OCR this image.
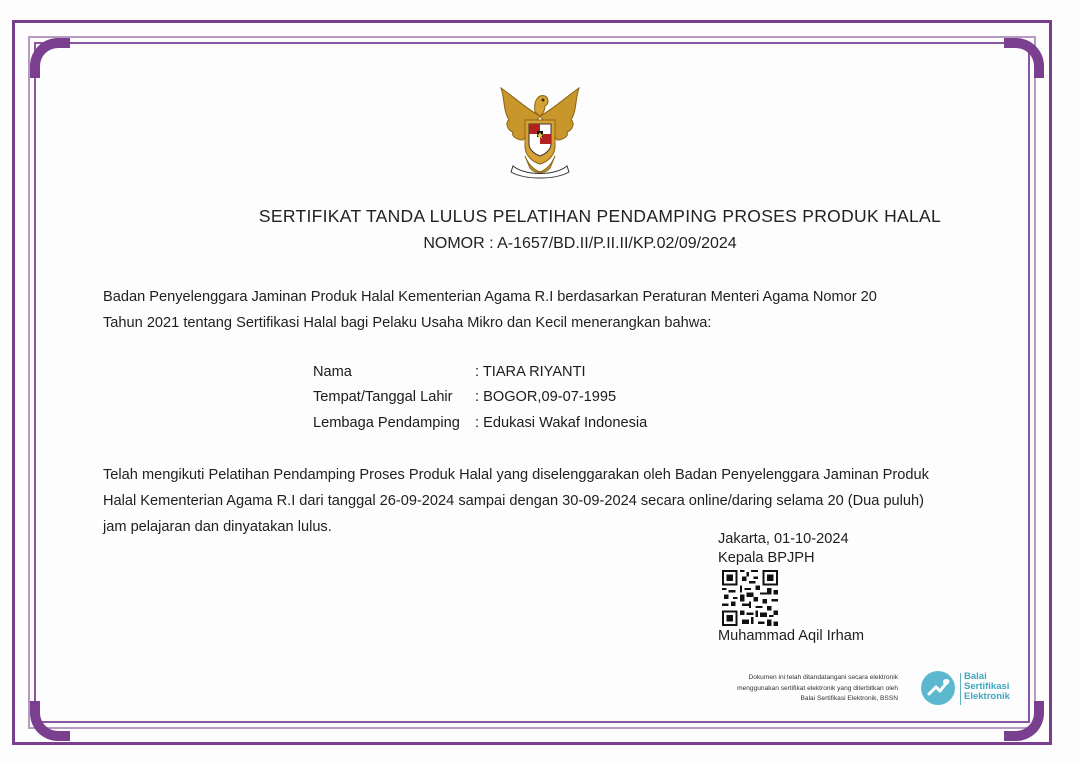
SERTIFIKAT TANDA LULUS PELATIHAN PENDAMPING PROSES PRODUK HALAL
NOMOR : A-1657/BD.II/P.II.II/KP.02/09/2024
Badan Penyelenggara Jaminan Produk Halal Kementerian Agama R.I berdasarkan Peraturan Menteri Agama Nomor 20
Tahun 2021 tentang Sertifikasi Halal bagi Pelaku Usaha Mikro dan Kecil menerangkan bahwa:
Nama	: TIARA RIYANTI
Tempat/Tanggal Lahir	: BOGOR,09-07-1995
Lembaga Pendamping	: Edukasi Wakaf Indonesia
Telah mengikuti Pelatihan Pendamping Proses Produk Halal yang diselenggarakan oleh Badan Penyelenggara Jaminan Produk
Halal Kementerian Agama R.I dari tanggal 26-09-2024 sampai dengan 30-09-2024 secara online/daring selama 20 (Dua puluh)
jam pelajaran dan dinyatakan lulus.
Jakarta, 01-10-2024
Kepala BPJPH
Muhammad Aqil Irham
Dokumen ini telah ditandatangani secara elektronik
menggunakan sertifikat elektronik yang diterbitkan oleh
Balai Sertifikasi Elektronik, BSSN
Balai
Sertifikasi
Elektronik
